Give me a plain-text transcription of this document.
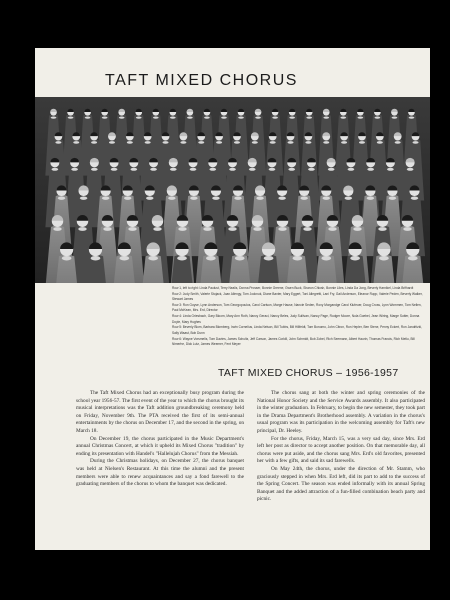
TAFT MIXED CHORUS

Row 1, left to right: Linda Paulust, Terry Nealis, Donna Prosser, Bonnie Greene, Gwen Buck, Sharon Chlosh, Bonnie Liles, Linda Da Jong, Beverly Harnikel, Linda Brifhardt

Row 2: Judy Smith, Valerie Stojack, Joan Allengy, Tom Jocknuk, Diane Baxter, Mary Eggert, Toni Allegretti, Lani Fry, Gail Anderson, Eleanor Rupp, Valerie Peden, Beverly Walker, Stewart James

Row 3: Ron Goyse, Lynn Anderson, Tom Georgopoulos, Carol Carlson, Marge Hause, Nancie Seden, Roxy Morgandge Carol Klufeuer, Doug Cross, Lynn Wommen, Tom Nellen, Paul McKean, Mrs. Erd, Director

Row 4: Linda Griesbach, Gary Bloom, Mary Ann Roth, Nancy Geraci, Nancy Beles, Judy Sullivan, Nancy Page, Rodger Moore, Nola Goebel, Jean Wiring, Marge Sutter, Donna Doyle, Mary Hughes

Row 5: Beverly Blom, Barbara Blomberg, Irwin Cornelius, Linda Nelson, Bill Tubbs, Bill Hillfeldt, Tom Bonomo, John Citron, Ron Hepler, Ben Stene, Penny Eckert, Ron Jandritzki, Sally Waast, Bob Dunn

Row 6: Wayne Vorsmelis, Tom Davies, James Schultz, Jeff Carson, James Corkill, John Schmidt, Bob Zobel, Rich Seemann, Albert Haurin, Thomas Francis, Rich Metlu, Bill Nimerhe, Dick Lutz, James Weemer, Fent Meyer

TAFT MIXED CHORUS – 1956-1957

The Taft Mixed Chorus had an exceptionally busy program during the school year 1956-57. The first event of the year to which the chorus brought its musical interpretations was the Taft addition groundbreaking ceremony held on Friday, November 9th. The PTA received the first of its semi-annual entertainments by the chorus on December 17, and the second in the spring, on March 18.

On December 19, the chorus participated in the Music Department's annual Christmas Concert, at which it upheld its Mixed Chorus "tradition" by ending its presentation with Handel's "Hallelujah Chorus" from the Messiah.

During the Christmas holidays, on December 27, the chorus banquet was held at Nielsen's Restaurant. At this time the alumni and the present members were able to renew acquaintances and say a fond farewell to the graduating members of the chorus to whom the banquet was dedicated.

The chorus sang at both the winter and spring ceremonies of the National Honor Society and the Service Awards assembly. It also participated in the winter graduation. In February, to begin the new semester, they took part in the Drama Department's Brotherhood assembly. A variation in the chorus's usual program was its participation in the welcoming assembly for Taft's new principal, Dr. Heeley.

For the chorus, Friday, March 15, was a very sad day, since Mrs. Erd left her post as director to accept another position. On that memorable day, all chorus were put aside, and the chorus sang Mrs. Erd's old favorites, presented her with a few gifts, and said its sad farewells.

On May 24th, the chorus, under the direction of Mr. Stamm, who graciously stepped in when Mrs. Erd left, did its part to add to the success of the Spring Concert. The season was ended informally with its annual Spring Banquet and the added attraction of a fun-filled combination beach party and picnic.
